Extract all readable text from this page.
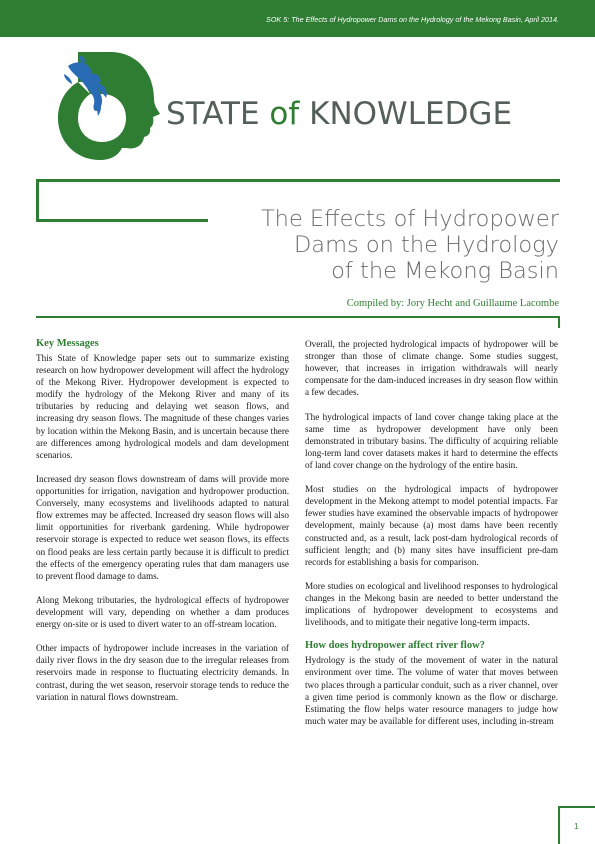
SOK 5: The Effects of Hydropower Dams on the Hydrology of the Mekong Basin, April 2014.
STATE of KNOWLEDGE
The Effects of Hydropower
Dams on the Hydrology
of the Mekong Basin
Compiled by: Jory Hecht and Guillaume Lacombe
Key Messages

This State of Knowledge paper sets out to summarize existing research on how hydropower development will affect the hydrology of the Mekong River. Hydropower development is expected to modify the hydrology of the Mekong River and many of its tributaries by reducing and delaying wet season flows, and increasing dry season flows. The magnitude of these changes varies by location within the Mekong Basin, and is uncertain because there are differences among hydrological models and dam development scenarios.

Increased dry season flows downstream of dams will provide more opportunities for irrigation, navigation and hydropower production. Conversely, many ecosystems and livelihoods adapted to natural flow extremes may be affected. Increased dry season flows will also limit opportunities for riverbank gardening. While hydropower reservoir storage is expected to reduce wet season flows, its effects on flood peaks are less certain partly because it is difficult to predict the effects of the emergency operating rules that dam managers use to prevent flood damage to dams.

Along Mekong tributaries, the hydrological effects of hydropower development will vary, depending on whether a dam produces energy on-site or is used to divert water to an off-stream location.

Other impacts of hydropower include increases in the variation of daily river flows in the dry season due to the irregular releases from reservoirs made in response to fluctuating electricity demands. In contrast, during the wet season, reservoir storage tends to reduce the variation in natural flows downstream.

Overall, the projected hydrological impacts of hydropower will be stronger than those of climate change. Some studies suggest, however, that increases in irrigation withdrawals will nearly compensate for the dam-induced increases in dry season flow within a few decades.

The hydrological impacts of land cover change taking place at the same time as hydropower development have only been demonstrated in tributary basins. The difficulty of acquiring reliable long-term land cover datasets makes it hard to determine the effects of land cover change on the hydrology of the entire basin.

Most studies on the hydrological impacts of hydropower development in the Mekong attempt to model potential impacts. Far fewer studies have examined the observable impacts of hydropower development, mainly because (a) most dams have been recently constructed and, as a result, lack post-dam hydrological records of sufficient length; and (b) many sites have insufficient pre-dam records for establishing a basis for comparison.

More studies on ecological and livelihood responses to hydrological changes in the Mekong basin are needed to better understand the implications of hydropower development to ecosystems and livelihoods, and to mitigate their negative long-term impacts.

How does hydropower affect river flow?

Hydrology is the study of the movement of water in the natural environment over time. The volume of water that moves between two places through a particular conduit, such as a river channel, over a given time period is commonly known as the flow or discharge. Estimating the flow helps water resource managers to judge how much water may be available for different uses, including in-stream

1
